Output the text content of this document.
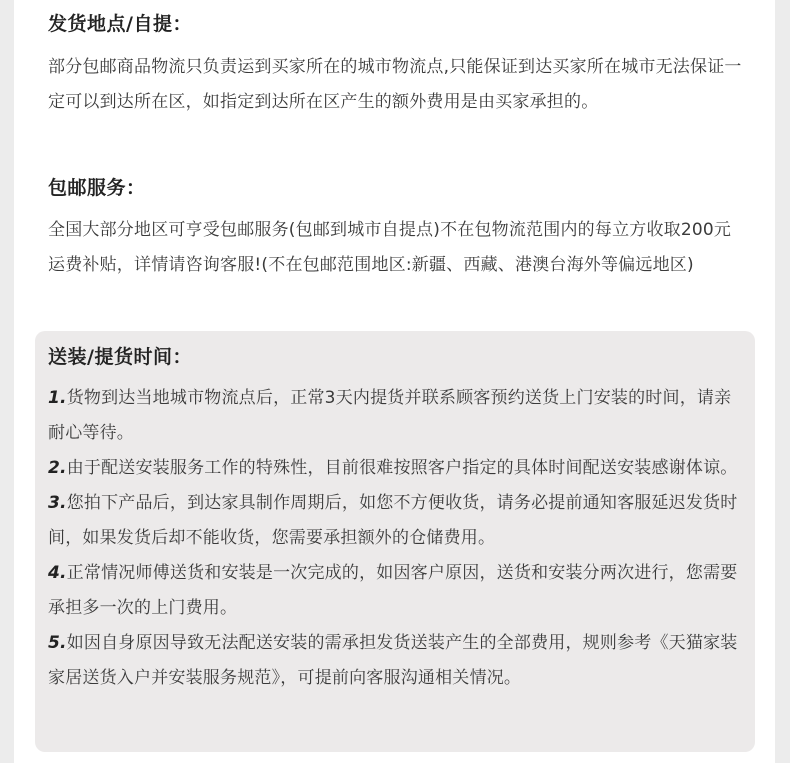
发货地点/自提：

部分包邮商品物流只负责运到买家所在的城市物流点,只能保证到达买家所在城市无法保证一定可以到达所在区，如指定到达所在区产生的额外费用是由买家承担的。

包邮服务：

全国大部分地区可亨受包邮服务(包邮到城市自提点)不在包物流范围内的每立方收取200元运费补贴，详情请咨询客服!(不在包邮范围地区:新疆、西藏、港澳台海外等偏远地区)

送装/提货时间：

1.货物到达当地城市物流点后，正常3天内提货并联系顾客预约送货上门安装的时间，请亲耐心等待。

2.由于配送安装服务工作的特殊性，目前很难按照客户指定的具体时间配送安装感谢体谅。

3.您拍下产品后，到达家具制作周期后，如您不方便收货，请务必提前通知客服延迟发货时间，如果发货后却不能收货，您需要承担额外的仓储费用。

4.正常情况师傅送货和安装是一次完成的，如因客户原因，送货和安装分两次进行，您需要承担多一次的上门费用。

5.如因自身原因导致无法配送安装的需承担发货送装产生的全部费用，规则参考《天猫家装家居送货入户并安装服务规范》，可提前向客服沟通相关情况。
